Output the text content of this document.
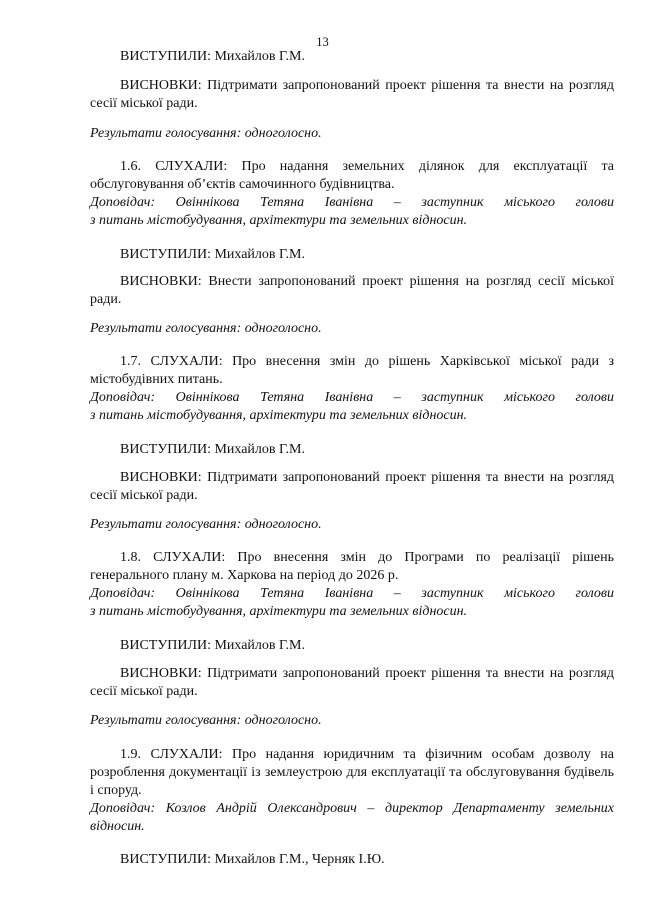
13

ВИСТУПИЛИ: Михайлов Г.М.

ВИСНОВКИ: Підтримати запропонований проект рішення та внести на розгляд сесії міської ради.

Результати голосування: одноголосно.

1.6. СЛУХАЛИ: Про надання земельних ділянок для експлуатації та обслуговування об’єктів самочинного будівництва.

Доповідач: Овіннікова Тетяна Іванівна – заступник міського голови
з питань містобудування, архітектури та земельних відносин.

ВИСТУПИЛИ: Михайлов Г.М.

ВИСНОВКИ: Внести запропонований проект рішення на розгляд сесії міської ради.

Результати голосування: одноголосно.

1.7. СЛУХАЛИ: Про внесення змін до рішень Харківської міської ради з містобудівних питань.

Доповідач: Овіннікова Тетяна Іванівна – заступник міського голови
з питань містобудування, архітектури та земельних відносин.

ВИСТУПИЛИ: Михайлов Г.М.

ВИСНОВКИ: Підтримати запропонований проект рішення та внести на розгляд сесії міської ради.

Результати голосування: одноголосно.

1.8. СЛУХАЛИ: Про внесення змін до Програми по реалізації рішень генерального плану м. Харкова на період до 2026 р.

Доповідач: Овіннікова Тетяна Іванівна – заступник міського голови
з питань містобудування, архітектури та земельних відносин.

ВИСТУПИЛИ: Михайлов Г.М.

ВИСНОВКИ: Підтримати запропонований проект рішення та внести на розгляд сесії міської ради.

Результати голосування: одноголосно.

1.9. СЛУХАЛИ: Про надання юридичним та фізичним особам дозволу на розроблення документації із землеустрою для експлуатації та обслуговування будівель і споруд.

Доповідач: Козлов Андрій Олександрович – директор Департаменту земельних
відносин.

ВИСТУПИЛИ: Михайлов Г.М., Черняк І.Ю.
